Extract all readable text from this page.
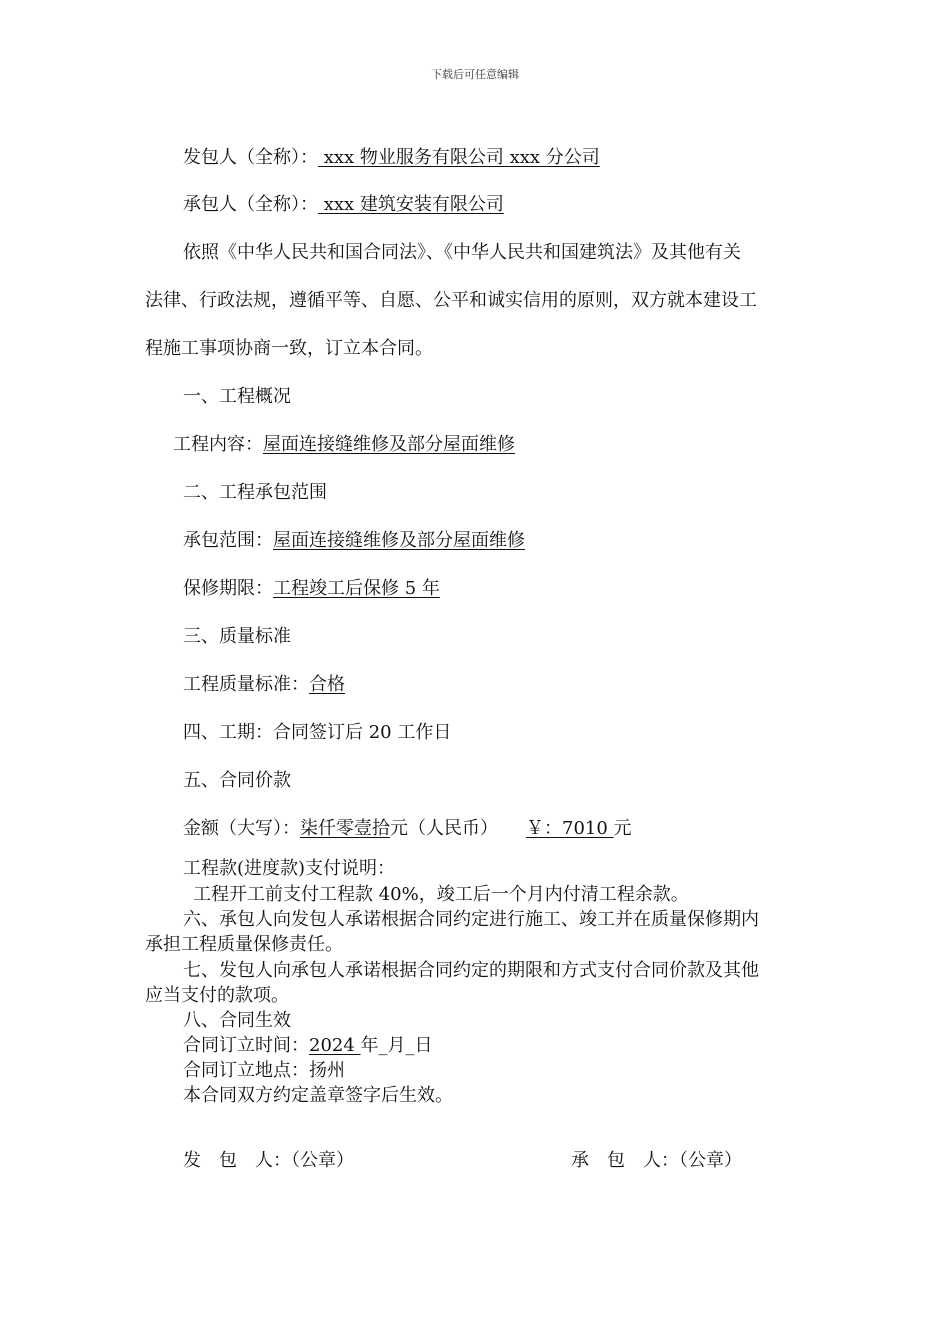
下载后可任意编辑
发包人（全称）： xxx 物业服务有限公司 xxx 分公司
承包人（全称）： xxx 建筑安装有限公司
依照《中华人民共和国合同法》、《中华人民共和国建筑法》及其他有关
法律、行政法规，遵循平等、自愿、公平和诚实信用的原则，双方就本建设工
程施工事项协商一致，订立本合同。
一、工程概况
工程内容：屋面连接缝维修及部分屋面维修
二、工程承包范围
承包范围：屋面连接缝维修及部分屋面维修
保修期限：工程竣工后保修 5 年
三、质量标准
工程质量标准：合格
四、工期：合同签订后 20 工作日
五、合同价款
金额（大写）：柒仟零壹拾元（人民币） ￥：7010 元
工程款(进度款)支付说明：
工程开工前支付工程款 40%，竣工后一个月内付清工程余款。
六、承包人向发包人承诺根据合同约定进行施工、竣工并在质量保修期内
承担工程质量保修责任。
七、发包人向承包人承诺根据合同约定的期限和方式支付合同价款及其他
应当支付的款项。
八、合同生效
合同订立时间：2024 年_月_日
合同订立地点：扬州
本合同双方约定盖章签字后生效。
发　包　人：（公章）	承　包　人：（公章）
